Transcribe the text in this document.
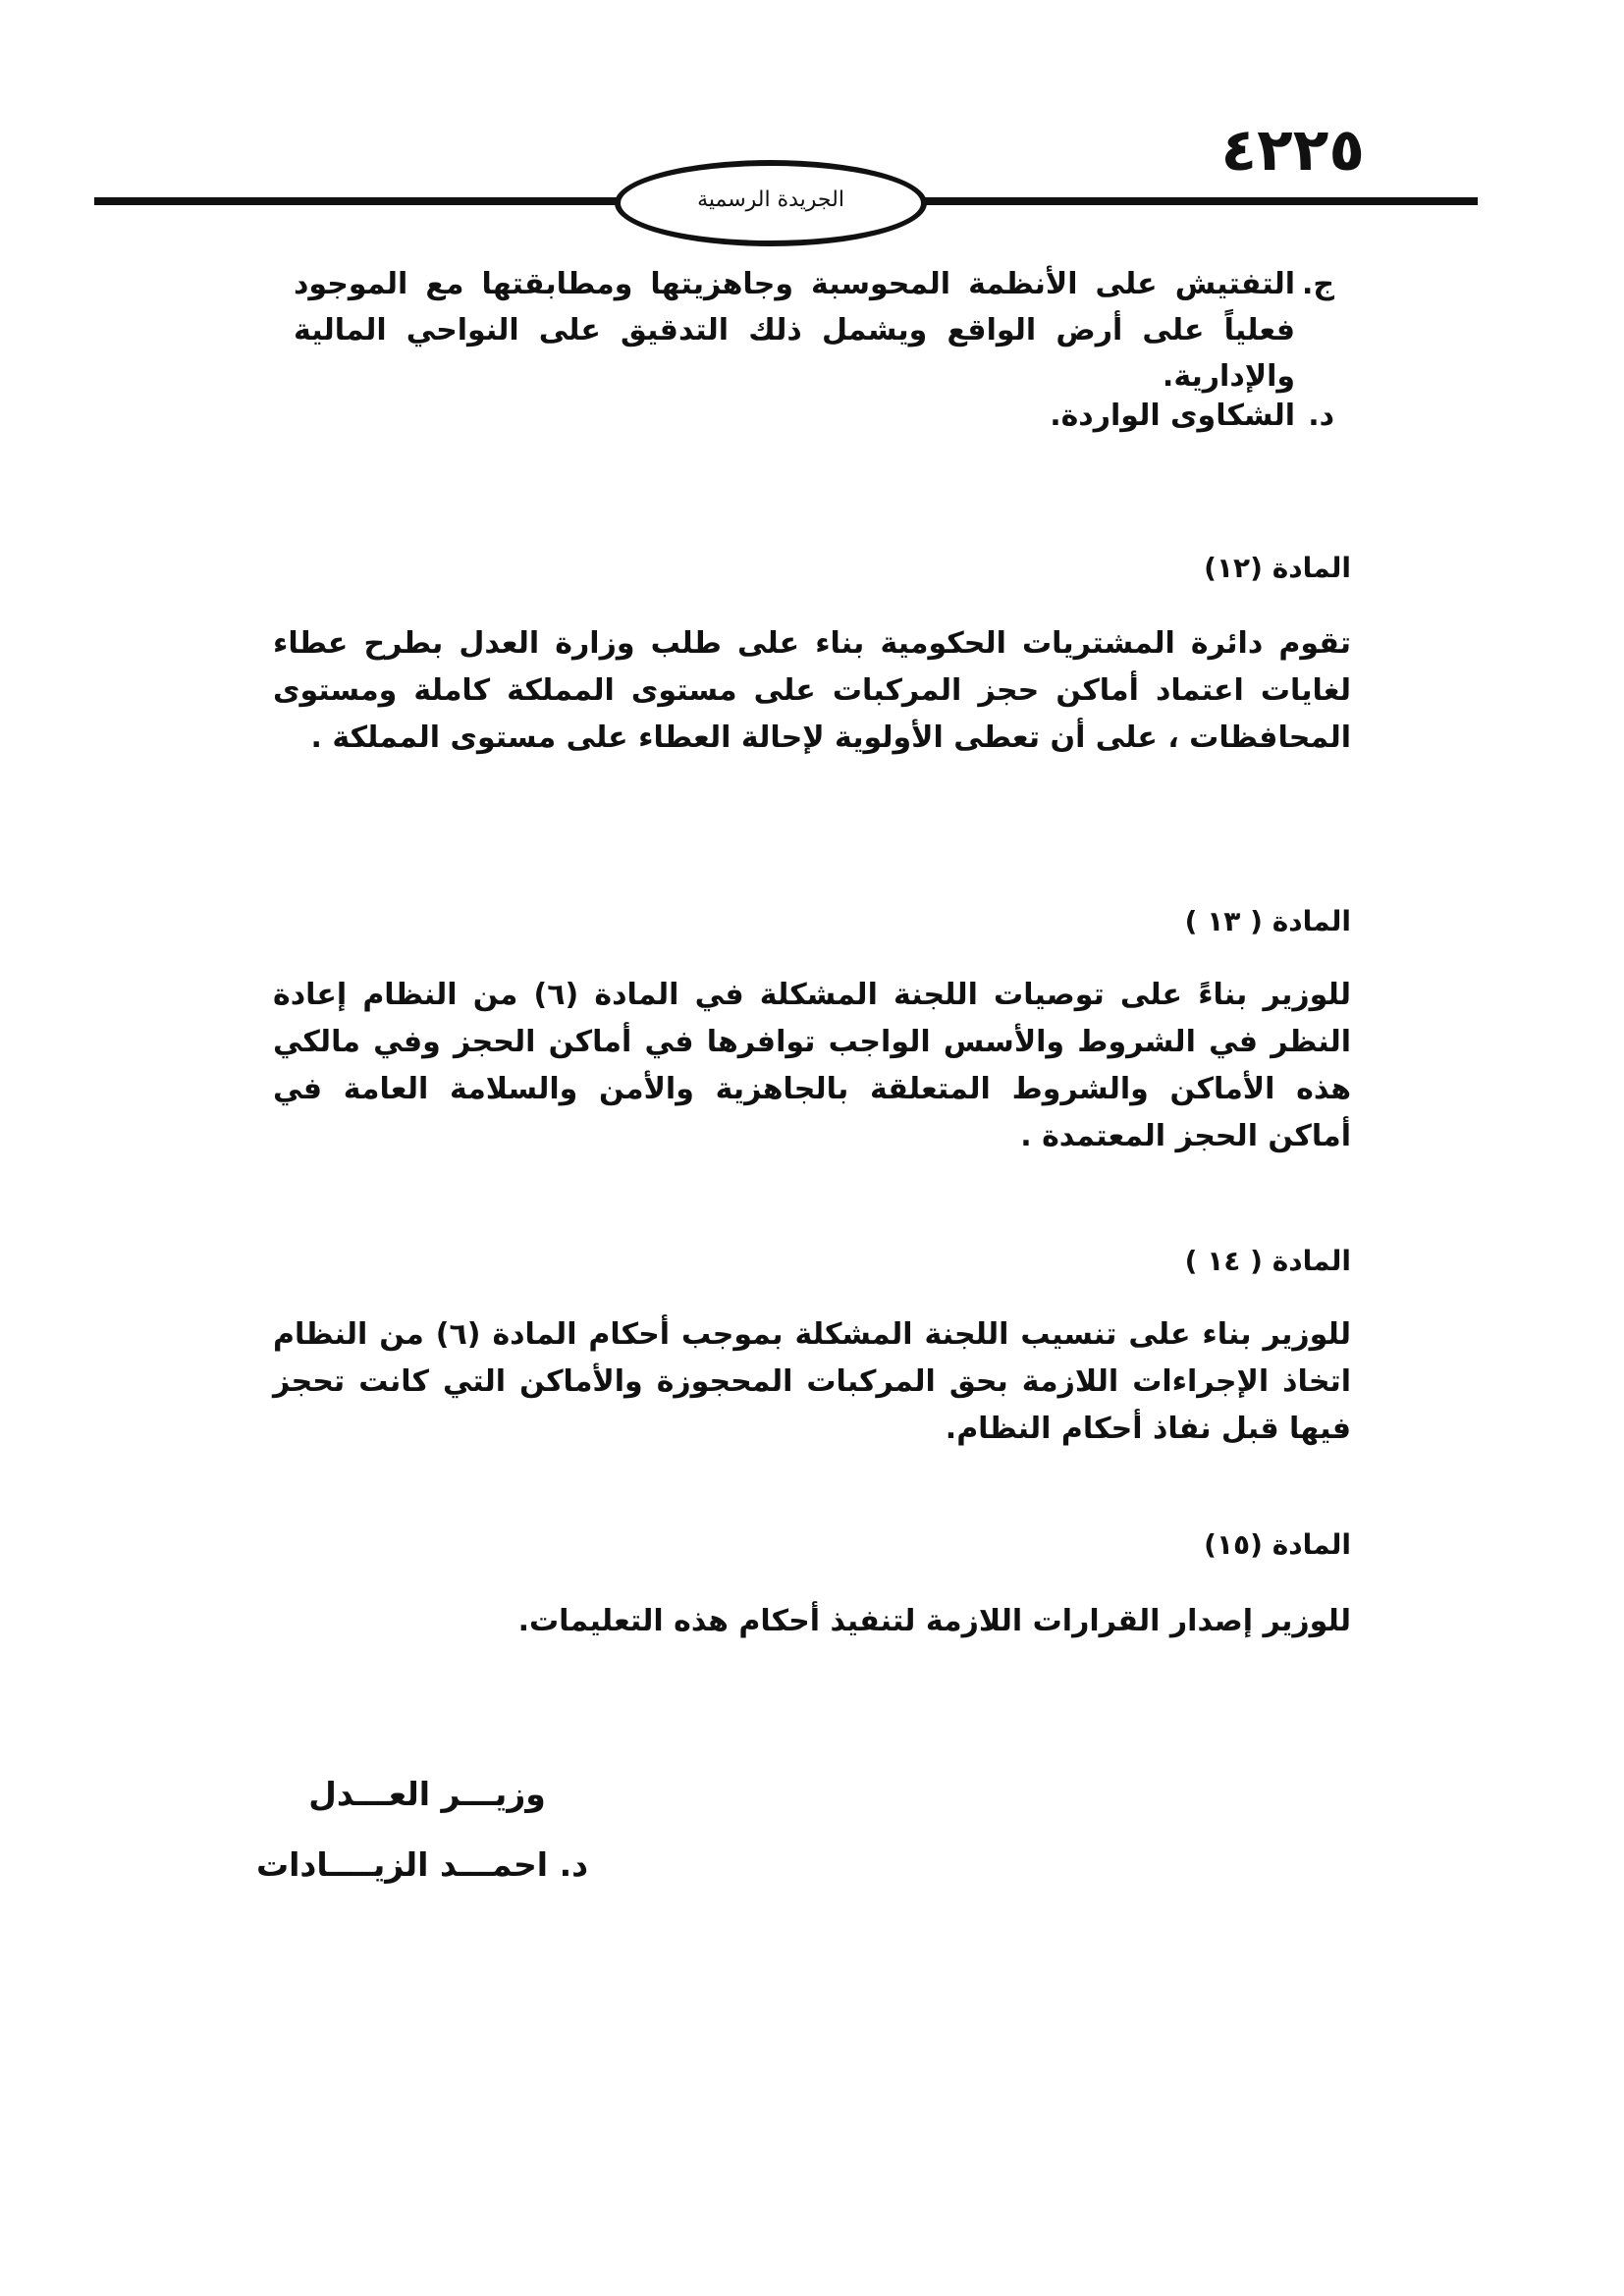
٤٢٢٥
الجريدة الرسمية
ج.
التفتيش على الأنظمة المحوسبة وجاهزيتها ومطابقتها مع الموجود فعلياً على أرض الواقع ويشمل ذلك التدقيق على النواحي المالية والإدارية.
د.
الشكاوى الواردة.
المادة (١٢)
تقوم دائرة المشتريات الحكومية بناء على طلب وزارة العدل بطرح عطاء لغايات اعتماد أماكن حجز المركبات على مستوى المملكة كاملة ومستوى المحافظات ، على أن تعطى الأولوية لإحالة العطاء على مستوى المملكة .
المادة ( ١٣ )
للوزير بناءً على توصيات اللجنة المشكلة في المادة (٦) من النظام إعادة النظر في الشروط والأسس الواجب توافرها في أماكن الحجز وفي مالكي هذه الأماكن والشروط المتعلقة بالجاهزية والأمن والسلامة العامة في أماكن الحجز المعتمدة .
المادة ( ١٤ )
للوزير بناء على تنسيب اللجنة المشكلة بموجب أحكام المادة (٦) من النظام اتخاذ الإجراءات اللازمة بحق المركبات المحجوزة والأماكن التي كانت تحجز فيها قبل نفاذ أحكام النظام.
المادة (١٥)
للوزير إصدار القرارات اللازمة لتنفيذ أحكام هذه التعليمات.
وزيـــر العـــدل
د. احمـــد الزيــــادات
